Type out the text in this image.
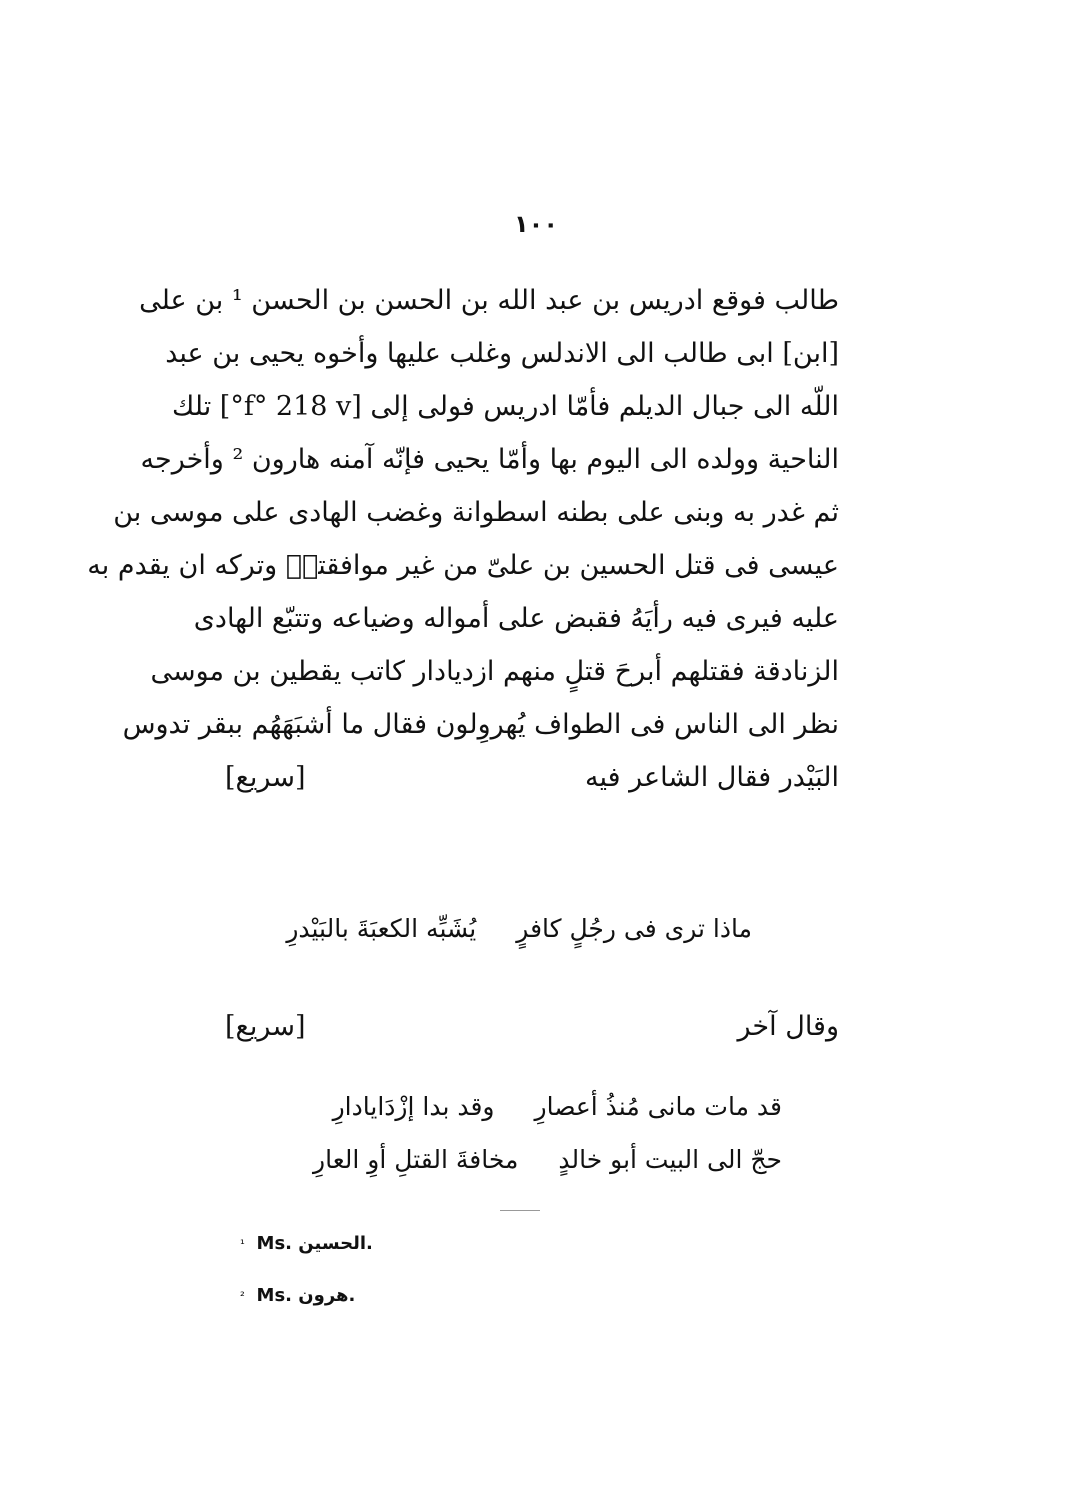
١٠٠
طالب فوقع ادريس بن عبد الله بن الحسن بن الحسن ¹ بن على
[ابن] ابى طالب الى الاندلس وغلب عليها وأخوه يحيى بن عبد
اللّه الى جبال الديلم فأمّا ادريس فولى إلى [f° 218 v°] تلك
الناحية وولده الى اليوم بها وأمّا يحيى فإنّه آمنه هارون ² وأخرجه
ثم غدر به وبنى على بطنه اسطوانة وغضب الهادى على موسى بن
عيسى فى قتل الحسين بن علىّ من غير موافقتهٖ وتركه ان يقدم به
عليه فيرى فيه رأيَهُ فقبض على أمواله وضياعه وتتبّع الهادى
الزنادقة فقتلهم أبرحَ قتلٍ منهم ازديادار كاتب يقطين بن موسى
نظر الى الناس فى الطواف يُهروِلون فقال ما أشبَهَهُم ببقر تدوس
البَيْدر فقال الشاعر فيه
[سريع]
ماذا ترى فى رجُلٍ كافرٍ
يُشَبِّه الكعبَةَ بالبَيْدرِ
وقال آخر
[سريع]
قد مات مانى مُنذُ أعصارِ
وقد بدا إزْدَايادارِ
حجّ الى البيت أبو خالدٍ
مخافةَ القتلِ أوِ العارِ
$^{^1}$ Ms. الحسين.
$^{^2}$ Ms. هرون.
